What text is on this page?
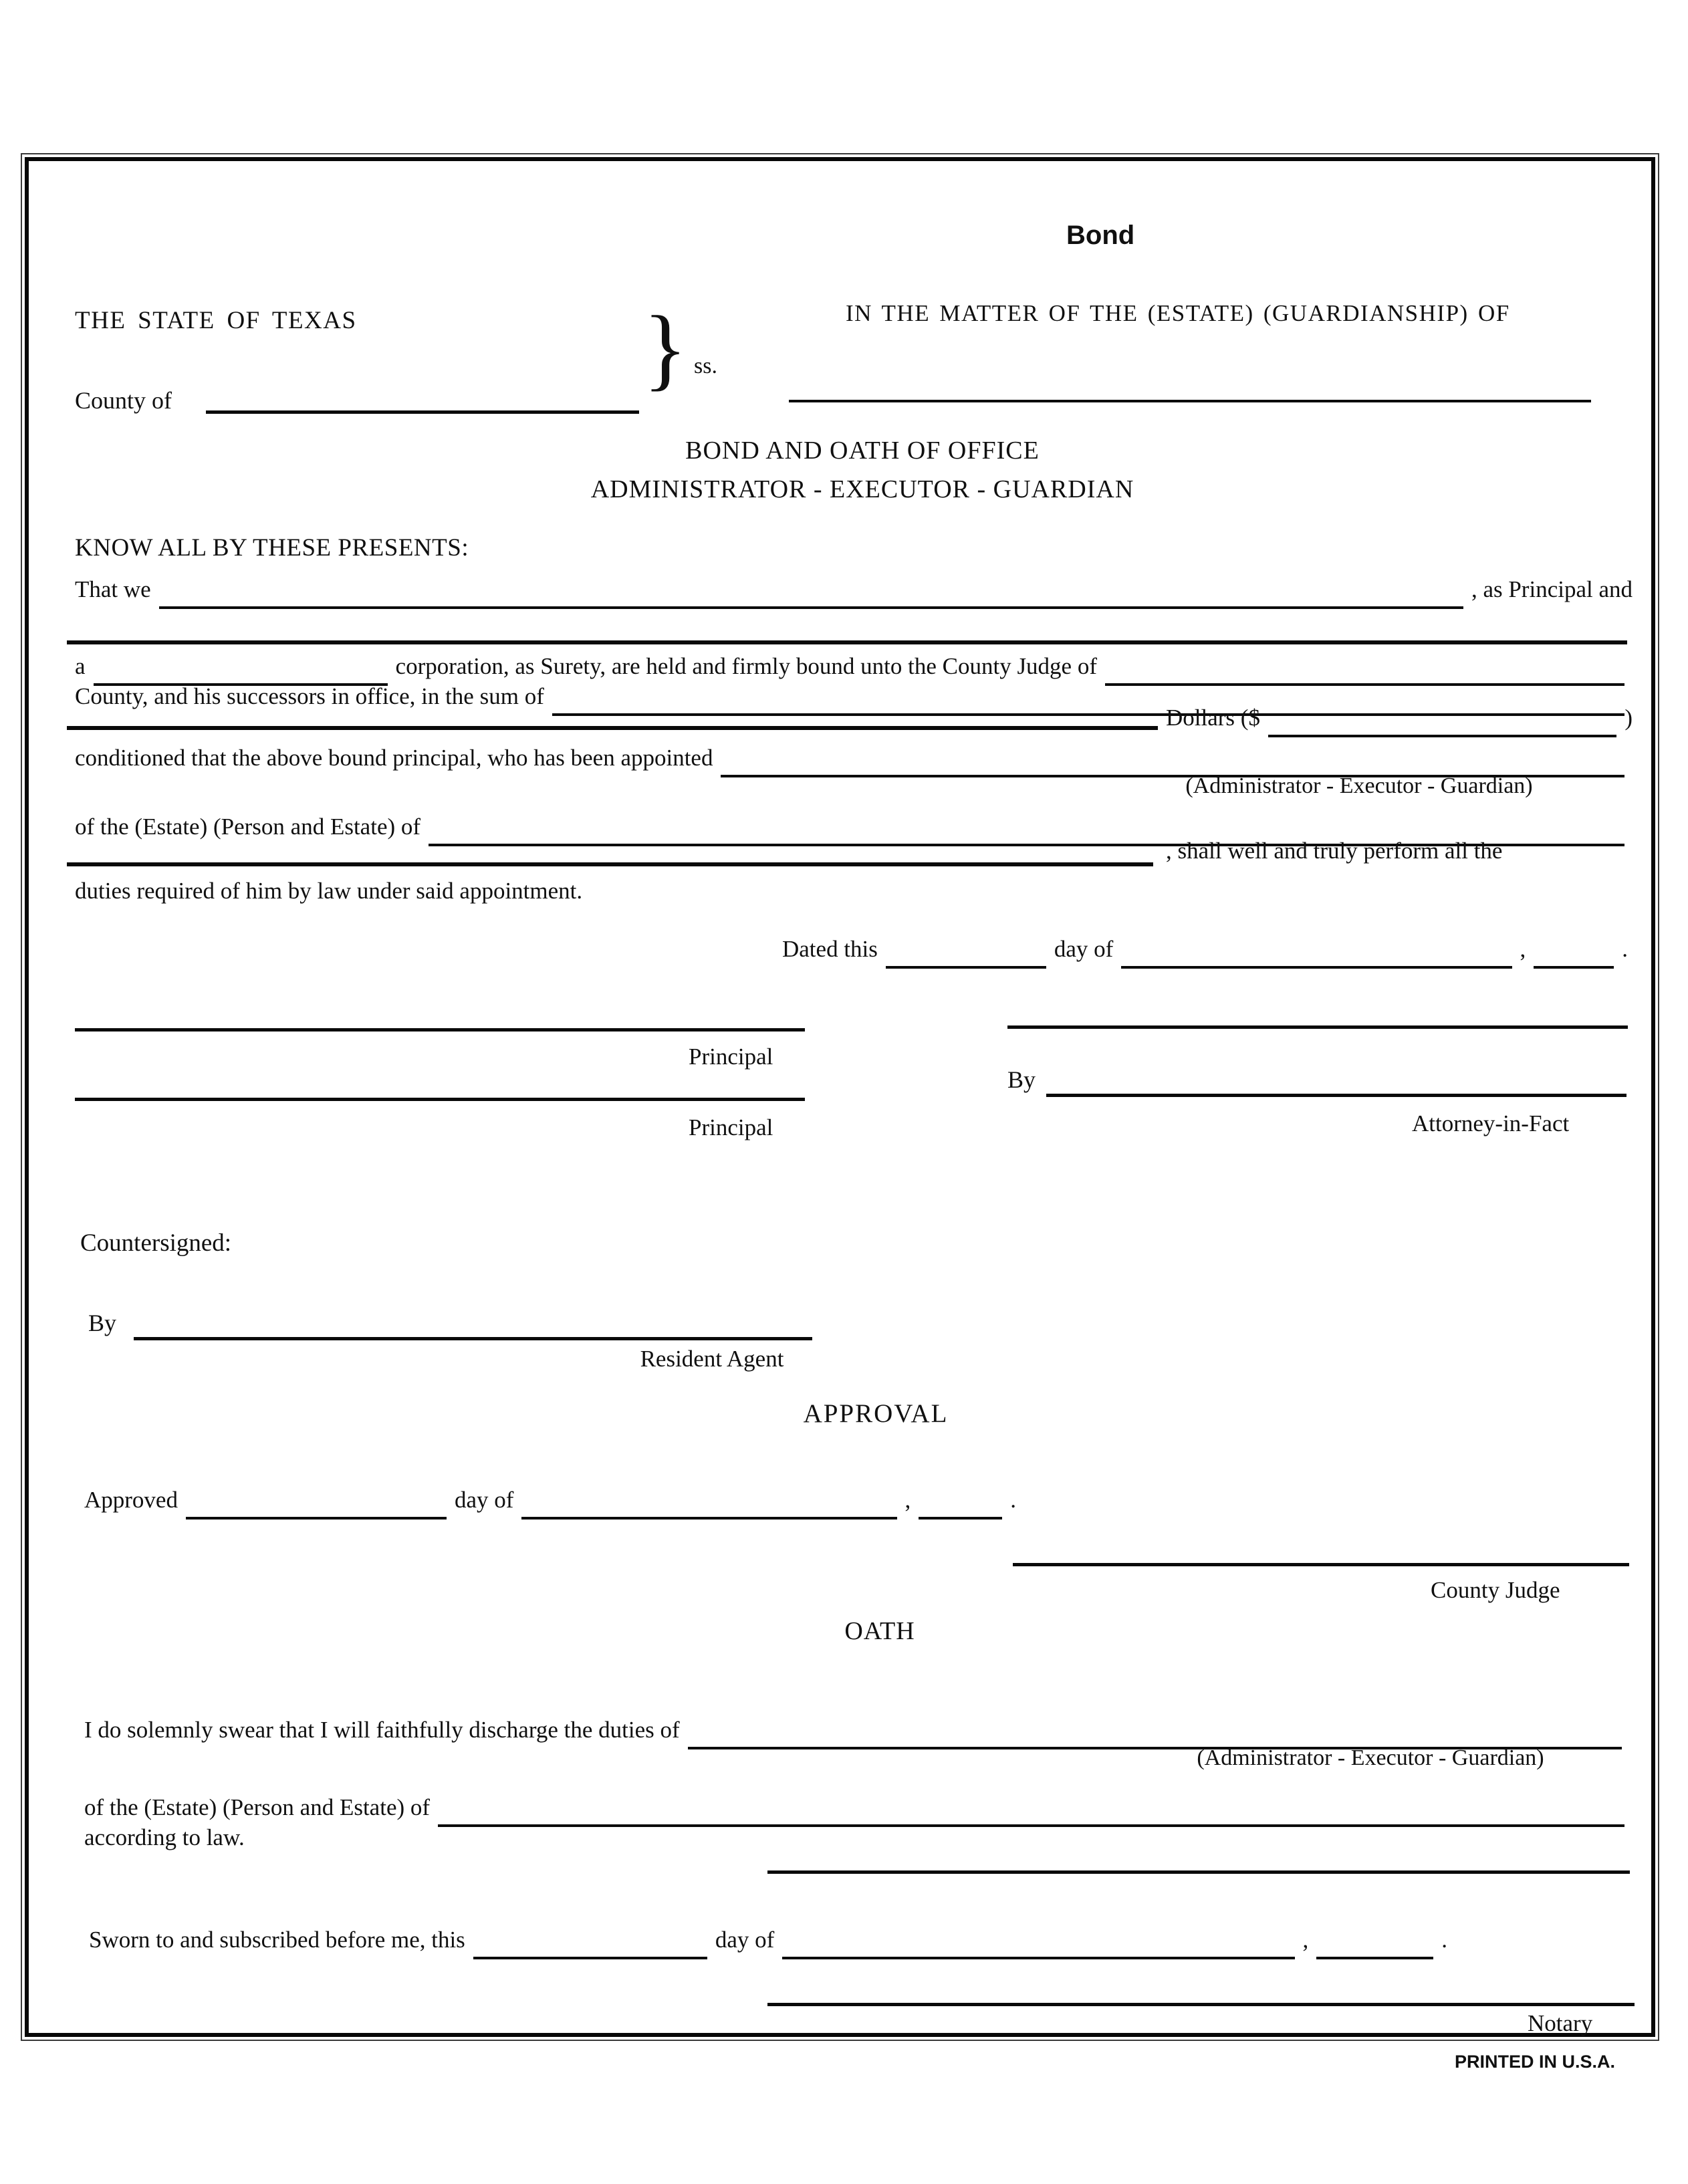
Bond
IN THE MATTER OF THE (ESTATE) (GUARDIANSHIP) OF
THE STATE OF TEXAS
County of
} ss.
BOND AND OATH OF OFFICE
ADMINISTRATOR - EXECUTOR - GUARDIAN
KNOW ALL BY THESE PRESENTS:
That we	, as Principal and
a	corporation, as Surety, are held and firmly bound unto the County Judge of
County, and his successors in office, in the sum of
Dollars ($	)
conditioned that the above bound principal, who has been appointed
(Administrator - Executor - Guardian)
of the (Estate) (Person and Estate) of
, shall well and truly perform all the
duties required of him by law under said appointment.
Dated this	day of	,	.
Principal
By
Attorney-in-Fact
Principal
Countersigned:
By
Resident Agent
APPROVAL
Approved	day of	,	.
County Judge
OATH
I do solemnly swear that I will faithfully discharge the duties of
(Administrator - Executor - Guardian)
of the (Estate) (Person and Estate) of
according to law.
Sworn to and subscribed before me, this	day of	,	.
Notary
PRINTED IN U.S.A.
